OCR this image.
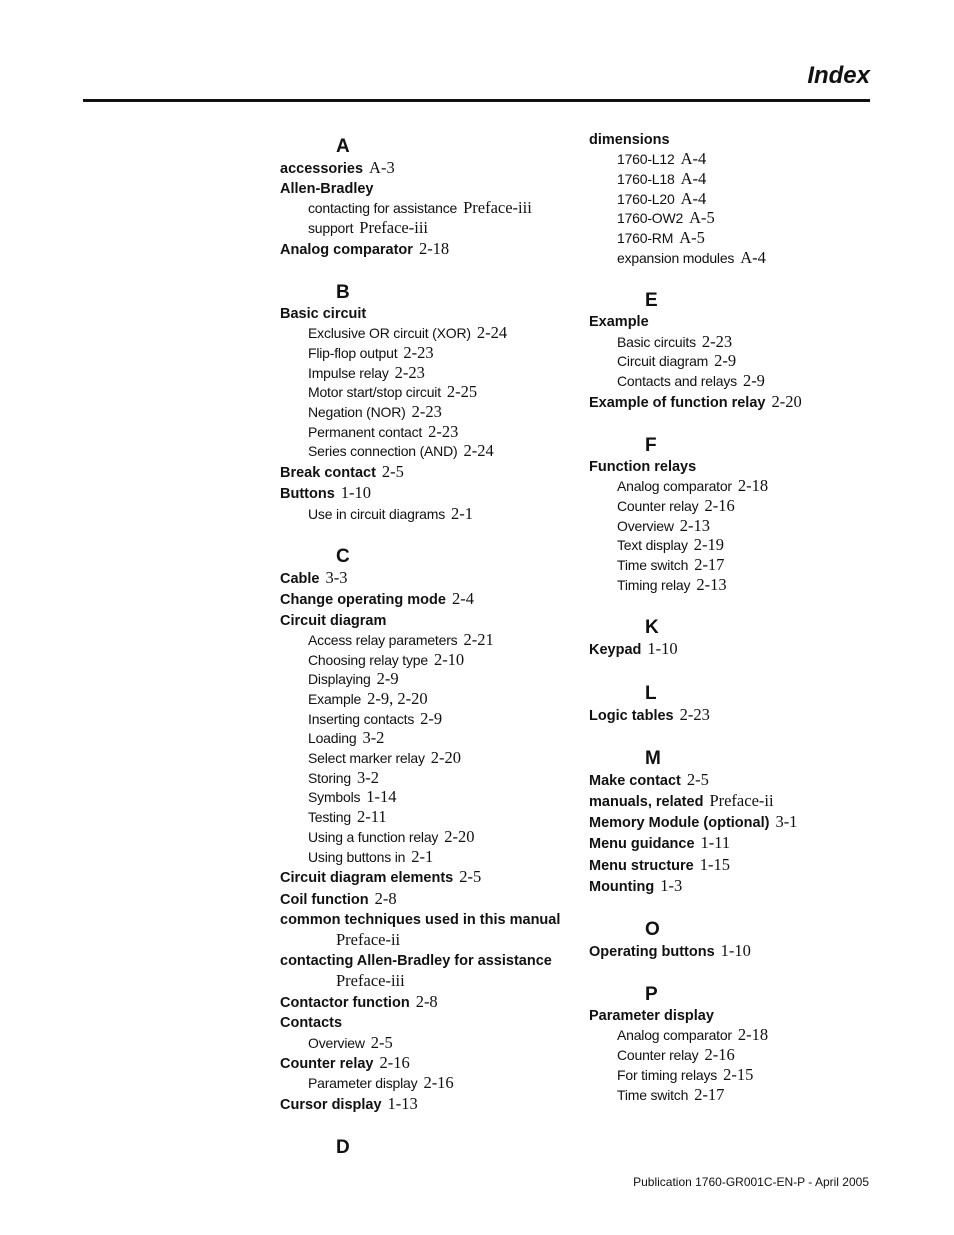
Index
A
accessories A-3
Allen-Bradley
contacting for assistance Preface-iii
support Preface-iii
Analog comparator 2-18
B
Basic circuit
Exclusive OR circuit (XOR) 2-24
Flip-flop output 2-23
Impulse relay 2-23
Motor start/stop circuit 2-25
Negation (NOR) 2-23
Permanent contact 2-23
Series connection (AND) 2-24
Break contact 2-5
Buttons 1-10
Use in circuit diagrams 2-1
C
Cable 3-3
Change operating mode 2-4
Circuit diagram
Access relay parameters 2-21
Choosing relay type 2-10
Displaying 2-9
Example 2-9, 2-20
Inserting contacts 2-9
Loading 3-2
Select marker relay 2-20
Storing 3-2
Symbols 1-14
Testing 2-11
Using a function relay 2-20
Using buttons in 2-1
Circuit diagram elements 2-5
Coil function 2-8
common techniques used in this manual
Preface-ii
contacting Allen-Bradley for assistance
Preface-iii
Contactor function 2-8
Contacts
Overview 2-5
Counter relay 2-16
Parameter display 2-16
Cursor display 1-13
D
dimensions
1760-L12 A-4
1760-L18 A-4
1760-L20 A-4
1760-OW2 A-5
1760-RM A-5
expansion modules A-4
E
Example
Basic circuits 2-23
Circuit diagram 2-9
Contacts and relays 2-9
Example of function relay 2-20
F
Function relays
Analog comparator 2-18
Counter relay 2-16
Overview 2-13
Text display 2-19
Time switch 2-17
Timing relay 2-13
K
Keypad 1-10
L
Logic tables 2-23
M
Make contact 2-5
manuals, related Preface-ii
Memory Module (optional) 3-1
Menu guidance 1-11
Menu structure 1-15
Mounting 1-3
O
Operating buttons 1-10
P
Parameter display
Analog comparator 2-18
Counter relay 2-16
For timing relays 2-15
Time switch 2-17
Publication 1760-GR001C-EN-P - April 2005
